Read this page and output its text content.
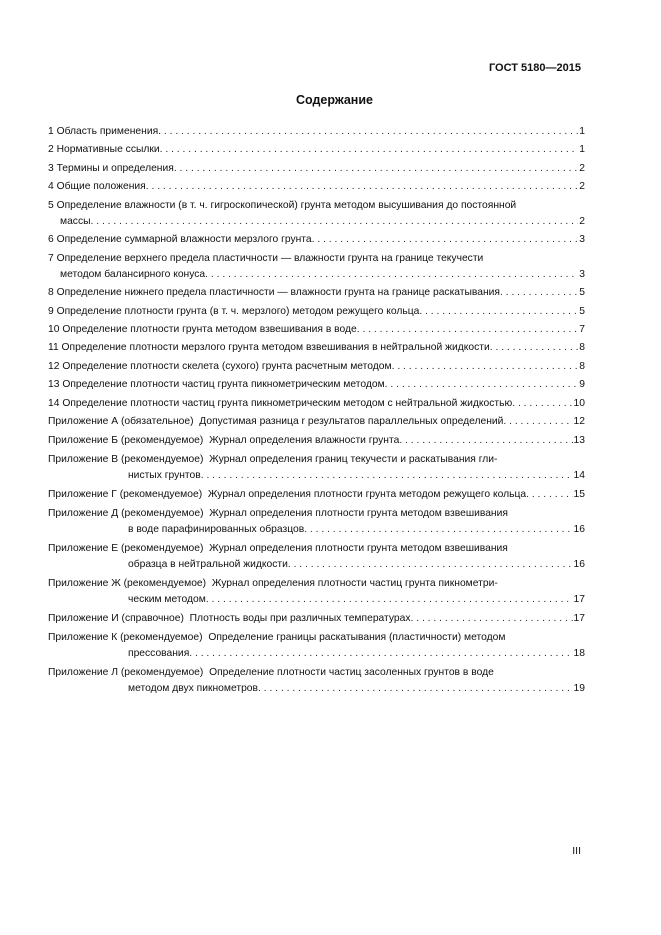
ГОСТ 5180—2015
Содержание
1 Область применения . . .	1
2 Нормативные ссылки . . .	1
3 Термины и определения . . .	2
4 Общие положения . . .	2
5 Определение влажности (в т. ч. гигроскопической) грунта методом высушивания до постоянной
массы . . .	2
6 Определение суммарной влажности мерзлого грунта . . .	3
7 Определение верхнего предела пластичности — влажности грунта на границе текучести
методом балансирного конуса . . .	3
8 Определение нижнего предела пластичности — влажности грунта на границе раскатывания . . .	5
9 Определение плотности грунта (в т. ч. мерзлого) методом режущего кольца . . .	5
10 Определение плотности грунта методом взвешивания в воде . . .	7
11 Определение плотности мерзлого грунта методом взвешивания в нейтральной жидкости . . .	8
12 Определение плотности скелета (сухого) грунта расчетным методом . . .	8
13 Определение плотности частиц грунта пикнометрическим методом . . .	9
14 Определение плотности частиц грунта пикнометрическим методом с нейтральной жидкостью . . .	10
Приложение А (обязательное)
Допустимая разница r результатов параллельных определений . . .	12
Приложение Б (рекомендуемое)
Журнал определения влажности грунта . . .	13
Приложение В (рекомендуемое) Журнал определения границ текучести и раскатывания гли-
нистых грунтов . . .	14
Приложение Г (рекомендуемое)
Журнал определения плотности грунта методом режущего кольца . . .	15
Приложение Д (рекомендуемое) Журнал определения плотности грунта методом взвешивания
в воде парафинированных образцов . . .	16
Приложение Е (рекомендуемое) Журнал определения плотности грунта методом взвешивания
образца в нейтральной жидкости . . .	16
Приложение Ж (рекомендуемое) Журнал определения плотности частиц грунта пикнометри-
ческим методом . . .	17
Приложение И (справочное)
Плотность воды при различных температурах . . .	17
Приложение К (рекомендуемое) Определение границы раскатывания (пластичности) методом
прессования . . .	18
Приложение Л (рекомендуемое) Определение плотности частиц засоленных грунтов в воде
методом двух пикнометров . . .	19
III
